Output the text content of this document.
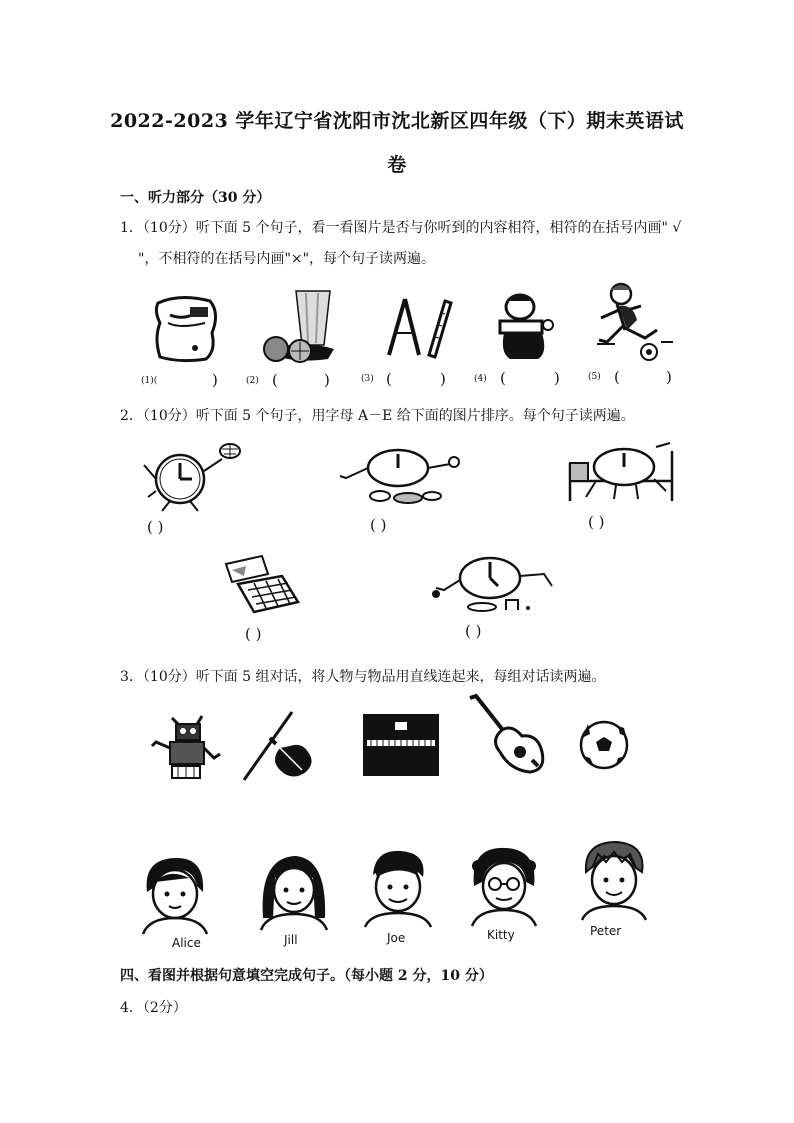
2022-2023 学年辽宁省沈阳市沈北新区四年级（下）期末英语试
卷
一、听力部分（30 分）
1．（10分）听下面 5 个句子，看一看图片是否与你听到的内容相符，相符的在括号内画" √
"，不相符的在括号内画"×"，每个句子读两遍。
(1)(	)	(2) (	)	(3) (	)	(4) (	)	(5) (	)
2．（10分）听下面 5 个句子，用字母 A－E 给下面的图片排序。每个句子读两遍。
( )	( )	( )
( )	( )
3．（10分）听下面 5 组对话，将人物与物品用直线连起来，每组对话读两遍。
Alice	Jill	Joe	Kitty	Peter
四、看图并根据句意填空完成句子。（每小题 2 分，10 分）
4．（2分）
